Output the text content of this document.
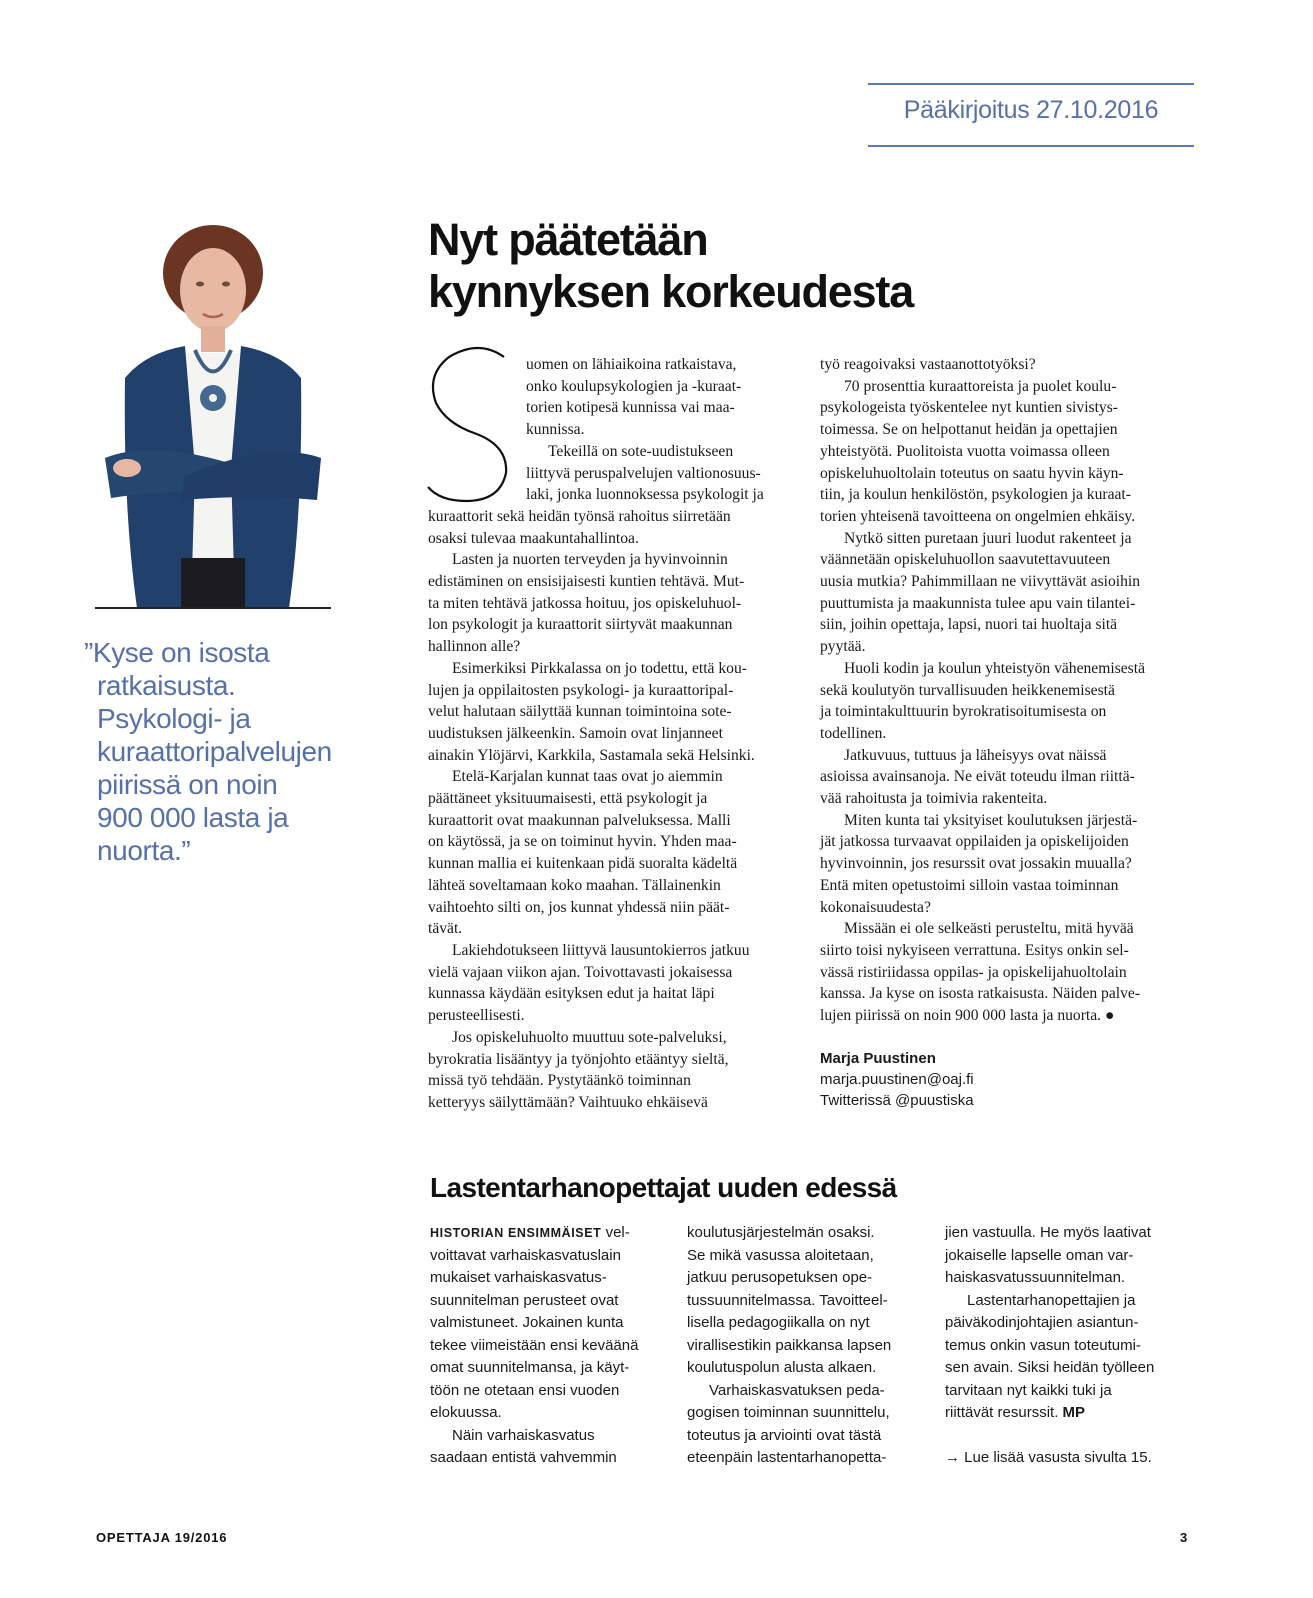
Pääkirjoitus 27.10.2016
Nyt päätetään
kynnyksen korkeudesta
”Kyse on isosta
ratkaisusta.
Psykologi- ja
kuraattoripalvelujen
piirissä on noin
900 000 lasta ja
nuorta.”
uomen on lähiaikoina ratkaistava,
onko koulupsykologien ja -kuraat-
torien kotipesä kunnissa vai maa-
kunnissa.
Tekeillä on sote-uudistukseen
liittyvä peruspalvelujen valtionosuus-
laki, jonka luonnoksessa psykologit ja
kuraattorit sekä heidän työnsä rahoitus siirretään
osaksi tulevaa maakuntahallintoa.
Lasten ja nuorten terveyden ja hyvinvoinnin
edistäminen on ensisijaisesti kuntien tehtävä. Mut-
ta miten tehtävä jatkossa hoituu, jos opiskeluhuol-
lon psykologit ja kuraattorit siirtyvät maakunnan
hallinnon alle?
Esimerkiksi Pirkkalassa on jo todettu, että kou-
lujen ja oppilaitosten psykologi- ja kuraattoripal-
velut halutaan säilyttää kunnan toimintoina sote-
uudistuksen jälkeenkin. Samoin ovat linjanneet
ainakin Ylöjärvi, Karkkila, Sastamala sekä Helsinki.
Etelä-Karjalan kunnat taas ovat jo aiemmin
päättäneet yksituumaisesti, että psykologit ja
kuraattorit ovat maakunnan palveluksessa. Malli
on käytössä, ja se on toiminut hyvin. Yhden maa-
kunnan mallia ei kuitenkaan pidä suoralta kädeltä
lähteä soveltamaan koko maahan. Tällainenkin
vaihtoehto silti on, jos kunnat yhdessä niin päät-
tävät.
Lakiehdotukseen liittyvä lausuntokierros jatkuu
vielä vajaan viikon ajan. Toivottavasti jokaisessa
kunnassa käydään esityksen edut ja haitat läpi
perusteellisesti.
Jos opiskeluhuolto muuttuu sote-palveluksi,
byrokratia lisääntyy ja työnjohto etääntyy sieltä,
missä työ tehdään. Pystytäänkö toiminnan
ketteryys säilyttämään? Vaihtuuko ehkäisevä
työ reagoivaksi vastaanottotyöksi?
70 prosenttia kuraattoreista ja puolet koulu-
psykologeista työskentelee nyt kuntien sivistys-
toimessa. Se on helpottanut heidän ja opettajien
yhteistyötä. Puolitoista vuotta voimassa olleen
opiskeluhuoltolain toteutus on saatu hyvin käyn-
tiin, ja koulun henkilöstön, psykologien ja kuraat-
torien yhteisenä tavoitteena on ongelmien ehkäisy.
Nytkö sitten puretaan juuri luodut rakenteet ja
väännetään opiskeluhuollon saavutettavuuteen
uusia mutkia? Pahimmillaan ne viivyttävät asioihin
puuttumista ja maakunnista tulee apu vain tilantei-
siin, joihin opettaja, lapsi, nuori tai huoltaja sitä
pyytää.
Huoli kodin ja koulun yhteistyön vähenemisestä
sekä koulutyön turvallisuuden heikkenemisestä
ja toimintakulttuurin byrokratisoitumisesta on
todellinen.
Jatkuvuus, tuttuus ja läheisyys ovat näissä
asioissa avainsanoja. Ne eivät toteudu ilman riittä-
vää rahoitusta ja toimivia rakenteita.
Miten kunta tai yksityiset koulutuksen järjestä-
jät jatkossa turvaavat oppilaiden ja opiskelijoiden
hyvinvoinnin, jos resurssit ovat jossakin muualla?
Entä miten opetustoimi silloin vastaa toiminnan
kokonaisuudesta?
Missään ei ole selkeästi perusteltu, mitä hyvää
siirto toisi nykyiseen verrattuna. Esitys onkin sel-
vässä ristiriidassa oppilas- ja opiskelijahuoltolain
kanssa. Ja kyse on isosta ratkaisusta. Näiden palve-
lujen piirissä on noin 900 000 lasta ja nuorta. ●
Marja Puustinen
marja.puustinen@oaj.fi
Twitterissä @puustiska
Lastentarhanopettajat uuden edessä
HISTORIAN ENSIMMÄISET vel-
voittavat varhaiskasvatuslain
mukaiset varhaiskasvatus-
suunnitelman perusteet ovat
valmistuneet. Jokainen kunta
tekee viimeistään ensi keväänä
omat suunnitelmansa, ja käyt-
töön ne otetaan ensi vuoden
elokuussa.
Näin varhaiskasvatus
saadaan entistä vahvemmin
koulutusjärjestelmän osaksi.
Se mikä vasussa aloitetaan,
jatkuu perusopetuksen ope-
tussuunnitelmassa. Tavoitteel-
lisella pedagogiikalla on nyt
virallisestikin paikkansa lapsen
koulutuspolun alusta alkaen.
Varhaiskasvatuksen peda-
gogisen toiminnan suunnittelu,
toteutus ja arviointi ovat tästä
eteenpäin lastentarhanopetta-
jien vastuulla. He myös laativat
jokaiselle lapselle oman var-
haiskasvatussuunnitelman.
Lastentarhanopettajien ja
päiväkodinjohtajien asiantun-
temus onkin vasun toteutumi-
sen avain. Siksi heidän työlleen
tarvitaan nyt kaikki tuki ja
riittävät resurssit. MP

→ Lue lisää vasusta sivulta 15.
OPETTAJA 19/2016	3
